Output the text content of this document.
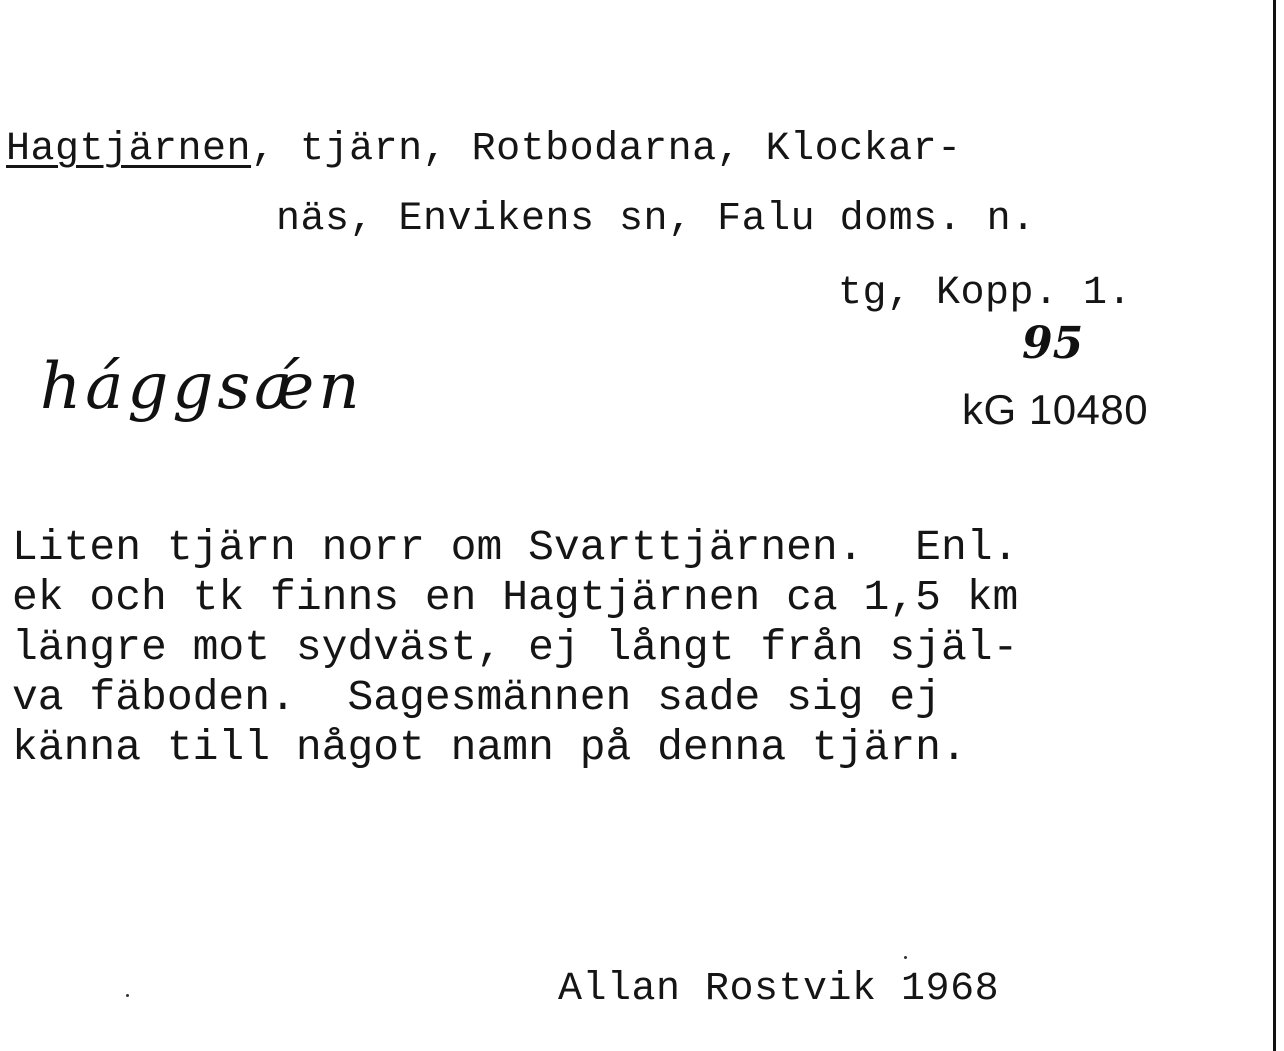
Hagtjärnen, tjärn, Rotbodarna, Klockar-
näs, Envikens sn, Falu doms. n.
tg, Kopp. 1.
95
hággsǽn	kG 10480
Liten tjärn norr om Svarttjärnen.  Enl.
ek och tk finns en Hagtjärnen ca 1,5 km
längre mot sydväst, ej långt från själ-
va fäboden.  Sagesmännen sade sig ej
känna till något namn på denna tjärn.
Allan Rostvik 1968
